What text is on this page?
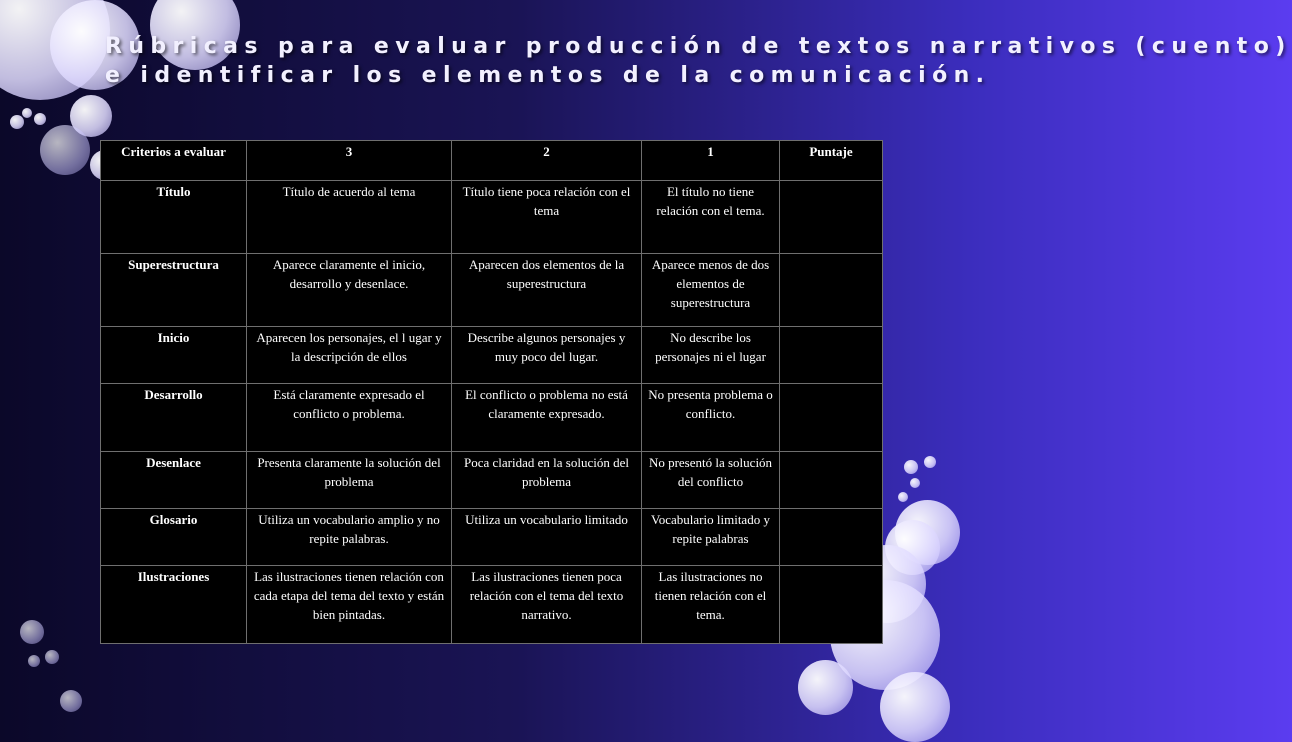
Rúbricas para evaluar producción de textos narrativos (cuento)
e identificar los elementos de la comunicación.
Criterios a evaluar	3	2	1	Puntaje
Título	Título de acuerdo al tema	Título tiene poca relación con el tema	El título no tiene relación con el tema.	
Superestructura	Aparece claramente el inicio, desarrollo y desenlace.	Aparecen dos elementos de la superestructura	Aparece menos de dos elementos de superestructura	
Inicio	Aparecen los personajes, el l ugar y la descripción de ellos	Describe algunos personajes y muy poco del lugar.	No describe los personajes ni el lugar	
Desarrollo	Está claramente expresado el conflicto o problema.	El conflicto o problema no está claramente expresado.	No presenta problema o conflicto.	
Desenlace	Presenta claramente la solución del problema	Poca claridad en la solución del problema	No presentó la solución del conflicto	
Glosario	Utiliza un vocabulario amplio y no repite palabras.	Utiliza un vocabulario limitado	Vocabulario limitado y repite palabras	
Ilustraciones	Las ilustraciones tienen relación con cada etapa del tema del texto y están bien pintadas.	Las ilustraciones tienen poca relación con el tema del texto narrativo.	Las ilustraciones no tienen relación con el tema.	
